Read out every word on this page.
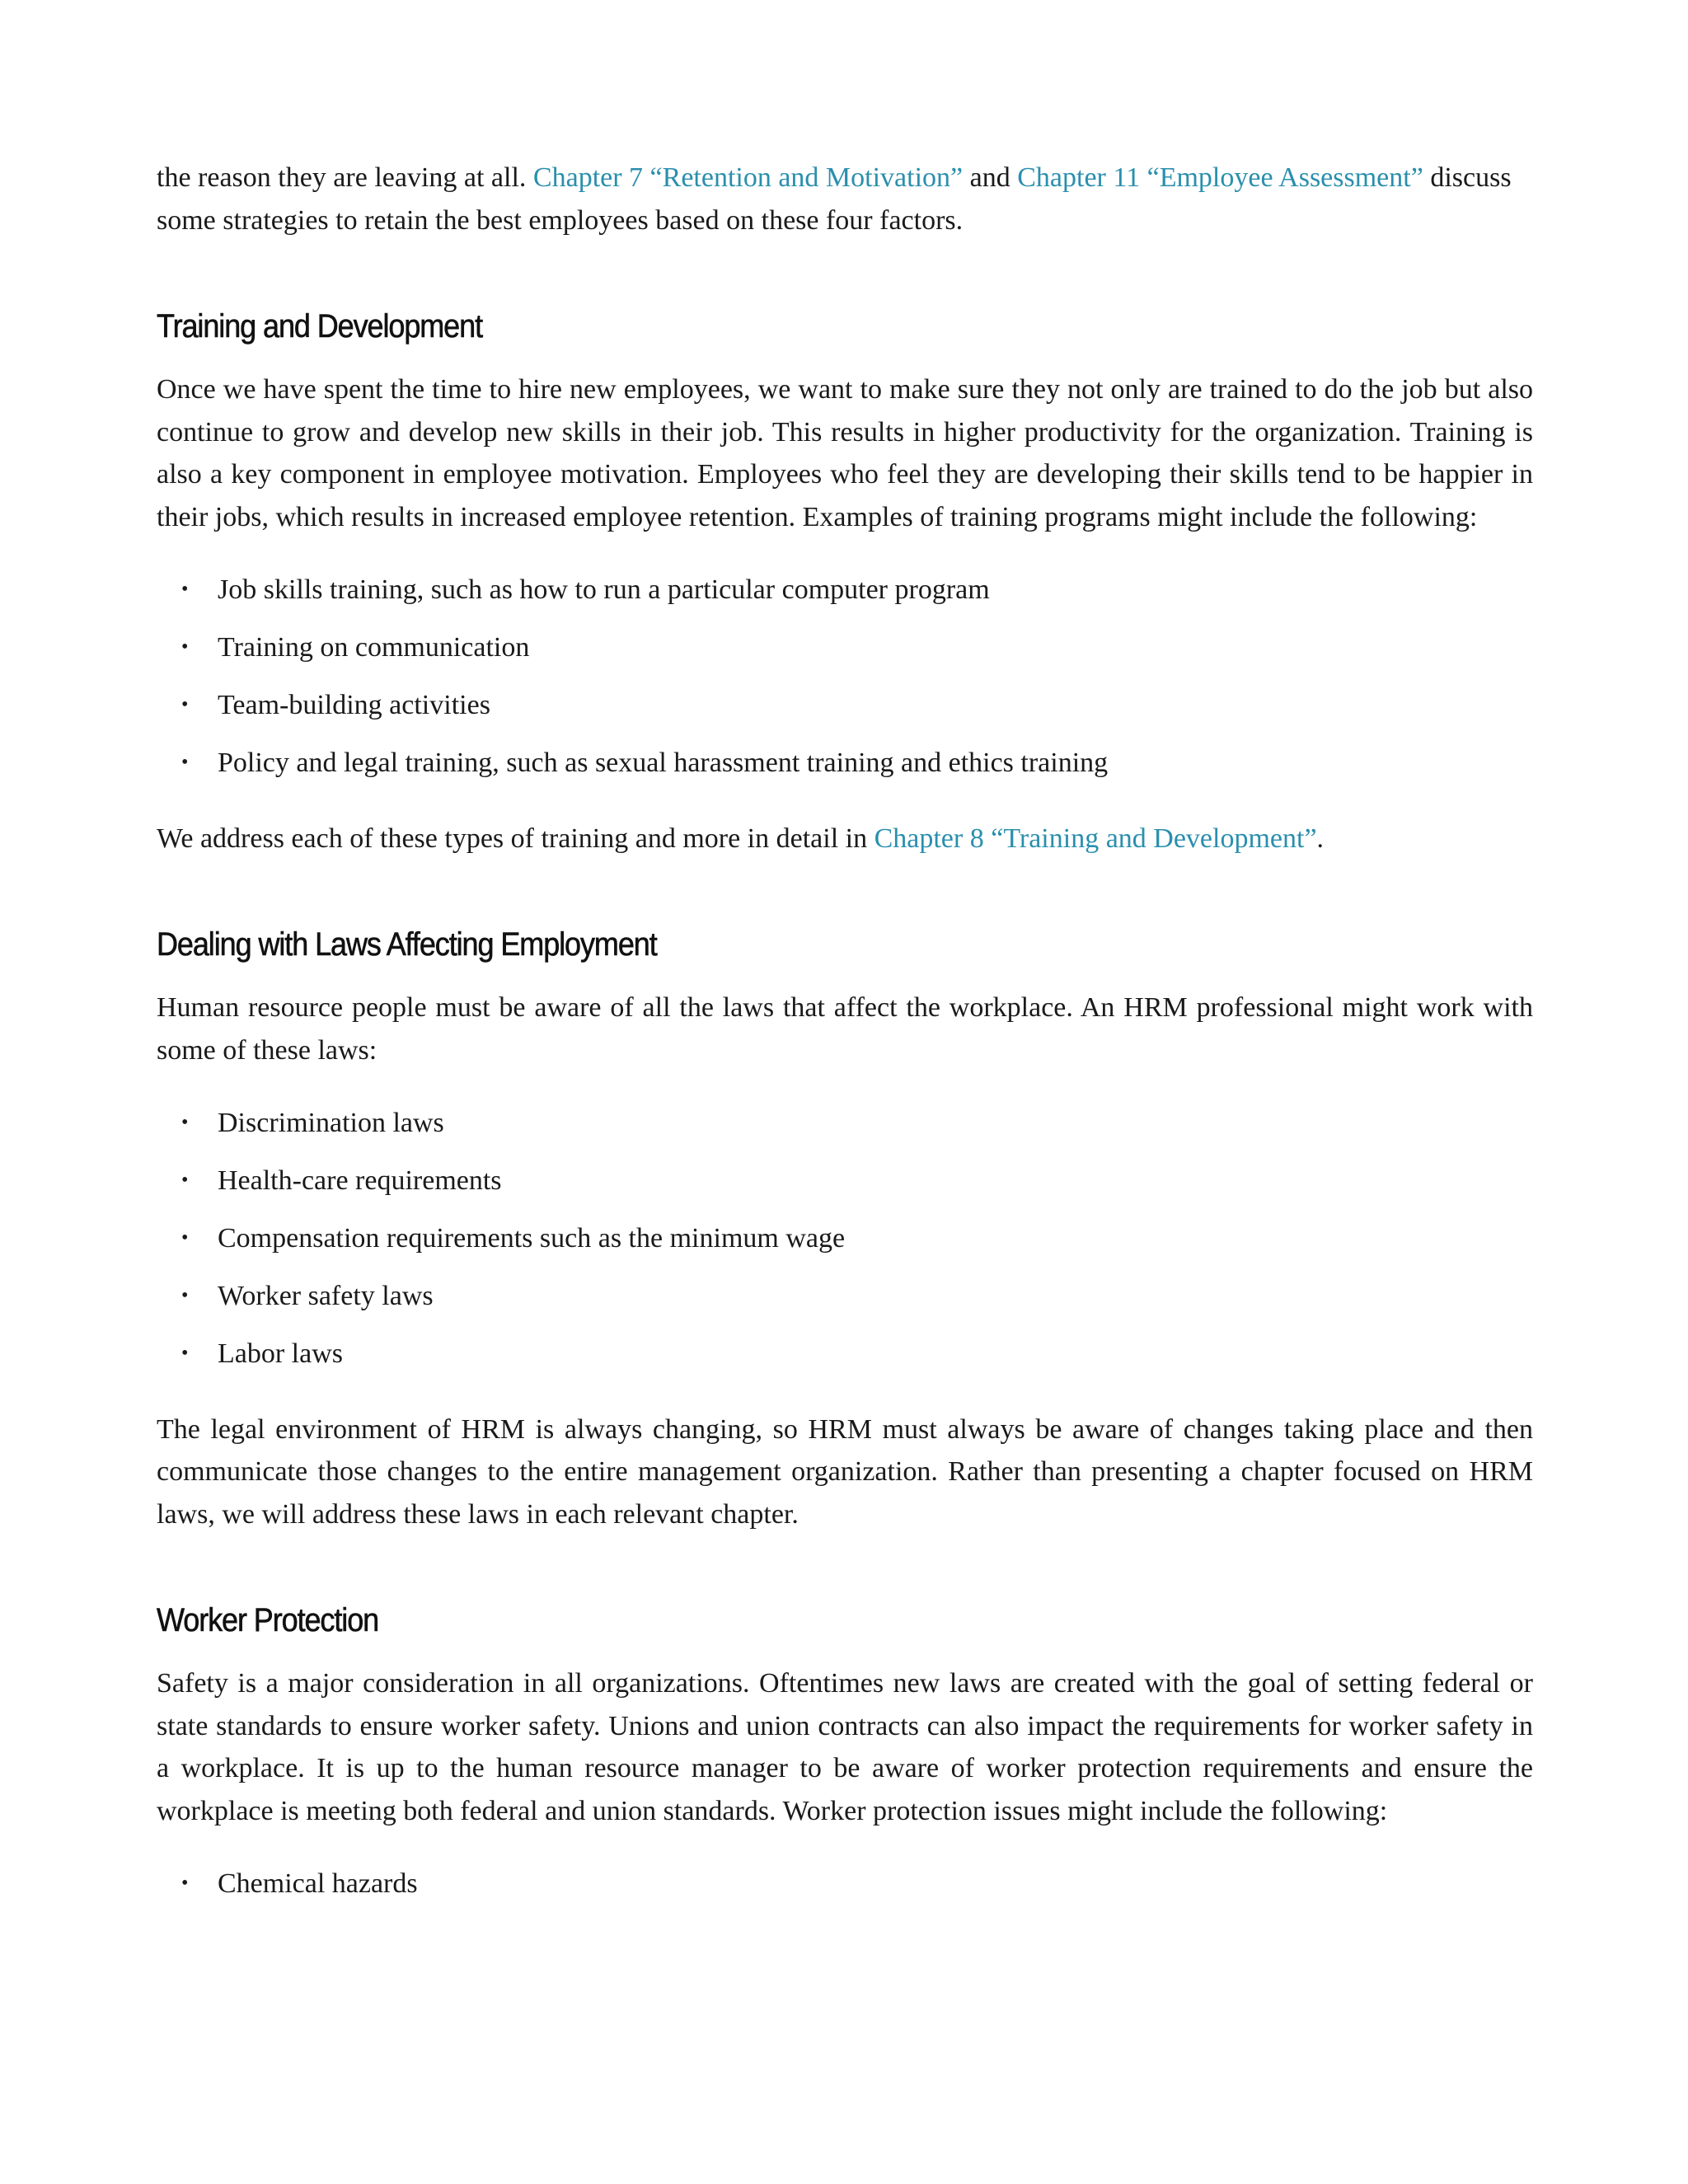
the reason they are leaving at all. Chapter 7 “Retention and Motivation” and Chapter 11 “Employee Assessment” discuss some strategies to retain the best employees based on these four factors.

Training and Development

Once we have spent the time to hire new employees, we want to make sure they not only are trained to do the job but also continue to grow and develop new skills in their job. This results in higher productivity for the organization. Training is also a key component in employee motivation. Employees who feel they are developing their skills tend to be happier in their jobs, which results in increased employee retention. Examples of training programs might include the following:

• Job skills training, such as how to run a particular computer program
• Training on communication
• Team-building activities
• Policy and legal training, such as sexual harassment training and ethics training

We address each of these types of training and more in detail in Chapter 8 “Training and Development”.

Dealing with Laws Affecting Employment

Human resource people must be aware of all the laws that affect the workplace. An HRM professional might work with some of these laws:

• Discrimination laws
• Health-care requirements
• Compensation requirements such as the minimum wage
• Worker safety laws
• Labor laws

The legal environment of HRM is always changing, so HRM must always be aware of changes taking place and then communicate those changes to the entire management organization. Rather than presenting a chapter focused on HRM laws, we will address these laws in each relevant chapter.

Worker Protection

Safety is a major consideration in all organizations. Oftentimes new laws are created with the goal of setting federal or state standards to ensure worker safety. Unions and union contracts can also impact the requirements for worker safety in a workplace. It is up to the human resource manager to be aware of worker protection requirements and ensure the workplace is meeting both federal and union standards. Worker protection issues might include the following:

• Chemical hazards
